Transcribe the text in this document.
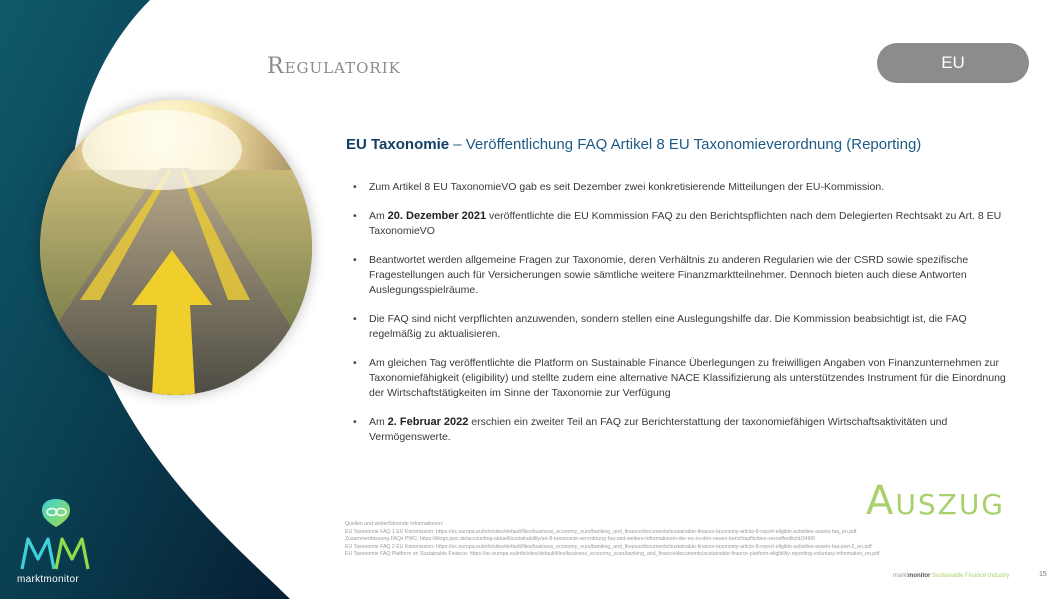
Regulatorik	EU
EU Taxonomie – Veröffentlichung FAQ Artikel 8 EU Taxonomieverordnung (Reporting)
• Zum Artikel 8 EU TaxonomieVO gab es seit Dezember zwei konkretisierende Mitteilungen der EU-Kommission.
• Am 20. Dezember 2021 veröffentlichte die EU Kommission FAQ zu den Berichtspflichten nach dem Delegierten Rechtsakt zu Art. 8 EU TaxonomieVO
• Beantwortet werden allgemeine Fragen zur Taxonomie, deren Verhältnis zu anderen Regularien wie der CSRD sowie spezifische Fragestellungen auch für Versicherungen sowie sämtliche weitere Finanzmarktteilnehmer. Dennoch bieten auch diese Antworten Auslegungsspielräume.
• Die FAQ sind nicht verpflichten anzuwenden, sondern stellen eine Auslegungshilfe dar. Die Kommission beabsichtigt ist, die FAQ regelmäßig zu aktualisieren.
• Am gleichen Tag veröffentlichte die Platform on Sustainable Finance Überlegungen zu freiwilligen Angaben von Finanzunternehmen zur Taxonomiefähigkeit (eligibility) und stellte zudem eine alternative NACE Klassifizierung als unterstützendes Instrument für die Einordnung der Wirtschaftstätigkeiten im Sinne der Taxonomie zur Verfügung
• Am 2. Februar 2022 erschien ein zweiter Teil an FAQ zur Berichterstattung der taxonomiefähigen Wirtschaftsaktivitäten und Vermögenswerte.
Auszug
Quellen und weiterführende Informationen:
EU Taxonomie FAQ 1 EU Kommission: https://ec.europa.eu/info/sites/default/files/business_economy_euro/banking_and_finance/documents/sustainable-finance-taxonomy-article-8-report-eligible-activities-assets-faq_en.pdf
Zusammenfassung FAQs PWC: https://blogs.pwc.de/accounting-aktuell/sustainability/art-8-taxonomie-verordnung-faq-und-weitere-informationen-der-eu-zu-den-neuen-berichtspflichten-veroeffentlicht/2490/
EU Taxonomie FAQ 2 EU Kommission: https://ec.europa.eu/info/sites/default/files/business_economy_euro/banking_and_finance/documents/sustainable-finance-taxonomy-article-8-report-eligible-activities-assets-faq-part-2_en.pdf
EU Taxonomie FAQ Platform on Sustainable Finance: https://ec.europa.eu/info/sites/default/files/business_economy_euro/banking_and_finance/documents/sustainable-finance-platform-eligibility-reporting-voluntary-information_en.pdf
marktmonitor	marktmonitor Sustainable Finance Industry	15
